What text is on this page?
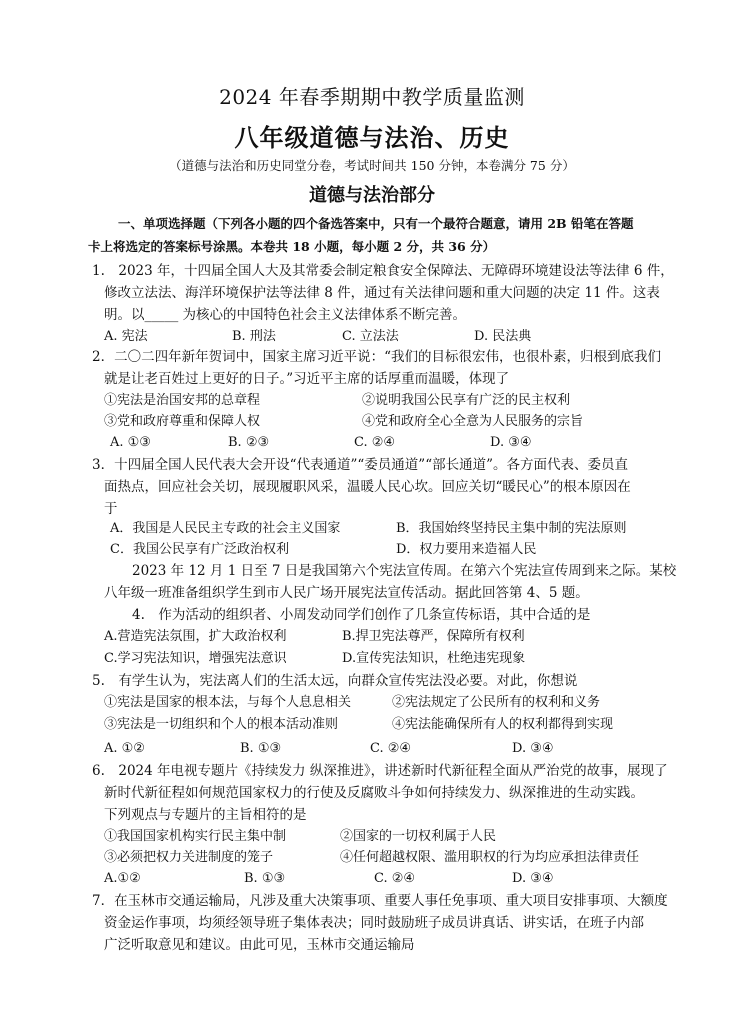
2024 年春季期期中教学质量监测
八年级道德与法治、历史
（道德与法治和历史同堂分卷，考试时间共 150 分钟，本卷满分 75 分）
道德与法治部分
一、单项选择题（下列各小题的四个备选答案中，只有一个最符合题意，请用 2B 铅笔在答题
卡上将选定的答案标号涂黑。本卷共 18 小题，每小题 2 分，共 36 分）
1.　2023 年，十四届全国人大及其常委会制定粮食安全保障法、无障碍环境建设法等法律 6 件，
修改立法法、海洋环境保护法等法律 8 件，通过有关法律问题和重大问题的决定 11 件。这表
明。以_____ 为核心的中国特色社会主义法律体系不断完善。
A. 宪法	B. 刑法	C. 立法法	D. 民法典
2．二〇二四年新年贺词中，国家主席习近平说：“我们的目标很宏伟，也很朴素，归根到底我们
就是让老百姓过上更好的日子。”习近平主席的话厚重而温暖，体现了
①宪法是治国安邦的总章程	②说明我国公民享有广泛的民主权利
③党和政府尊重和保障人权	④党和政府全心全意为人民服务的宗旨
A. ①③	B. ②③	C. ②④	D. ③④
3．十四届全国人民代表大会开设“代表通道”“委员通道”“部长通道”。各方面代表、委员直
面热点，回应社会关切，展现履职风采，温暖人民心坎。回应关切“暖民心”的根本原因在
于
A．我国是人民民主专政的社会主义国家	B．我国始终坚持民主集中制的宪法原则
C．我国公民享有广泛政治权利	D．权力要用来造福人民
2023 年 12 月 1 日至 7 日是我国第六个宪法宣传周。在第六个宪法宣传周到来之际。某校
八年级一班准备组织学生到市人民广场开展宪法宣传活动。据此回答第 4、5 题。
4.　作为活动的组织者、小周发动同学们创作了几条宣传标语，其中合适的是
A.营造宪法氛围，扩大政治权利	B.捍卫宪法尊严，保障所有权利
C.学习宪法知识，增强宪法意识	D.宣传宪法知识，杜绝违宪现象
5.　有学生认为，宪法离人们的生活太远，向群众宣传宪法没必要。对此，你想说
①宪法是国家的根本法，与每个人息息相关	②宪法规定了公民所有的权利和义务
③宪法是一切组织和个人的根本活动准则	④宪法能确保所有人的权利都得到实现
A. ①②	B. ①③	C. ②④	D. ③④
6.　2024 年电视专题片《持续发力 纵深推进》，讲述新时代新征程全面从严治党的故事，展现了
新时代新征程如何规范国家权力的行使及反腐败斗争如何持续发力、纵深推进的生动实践。
下列观点与专题片的主旨相符的是
①我国国家机构实行民主集中制	②国家的一切权利属于人民
③必须把权力关进制度的笼子	④任何超越权限、滥用职权的行为均应承担法律责任
A.①②	B. ①③	C. ②④	D. ③④
7．在玉林市交通运输局，凡涉及重大决策事项、重要人事任免事项、重大项目安排事项、大额度
资金运作事项，均须经领导班子集体表决；同时鼓励班子成员讲真话、讲实话，在班子内部
广泛听取意见和建议。由此可见，玉林市交通运输局
